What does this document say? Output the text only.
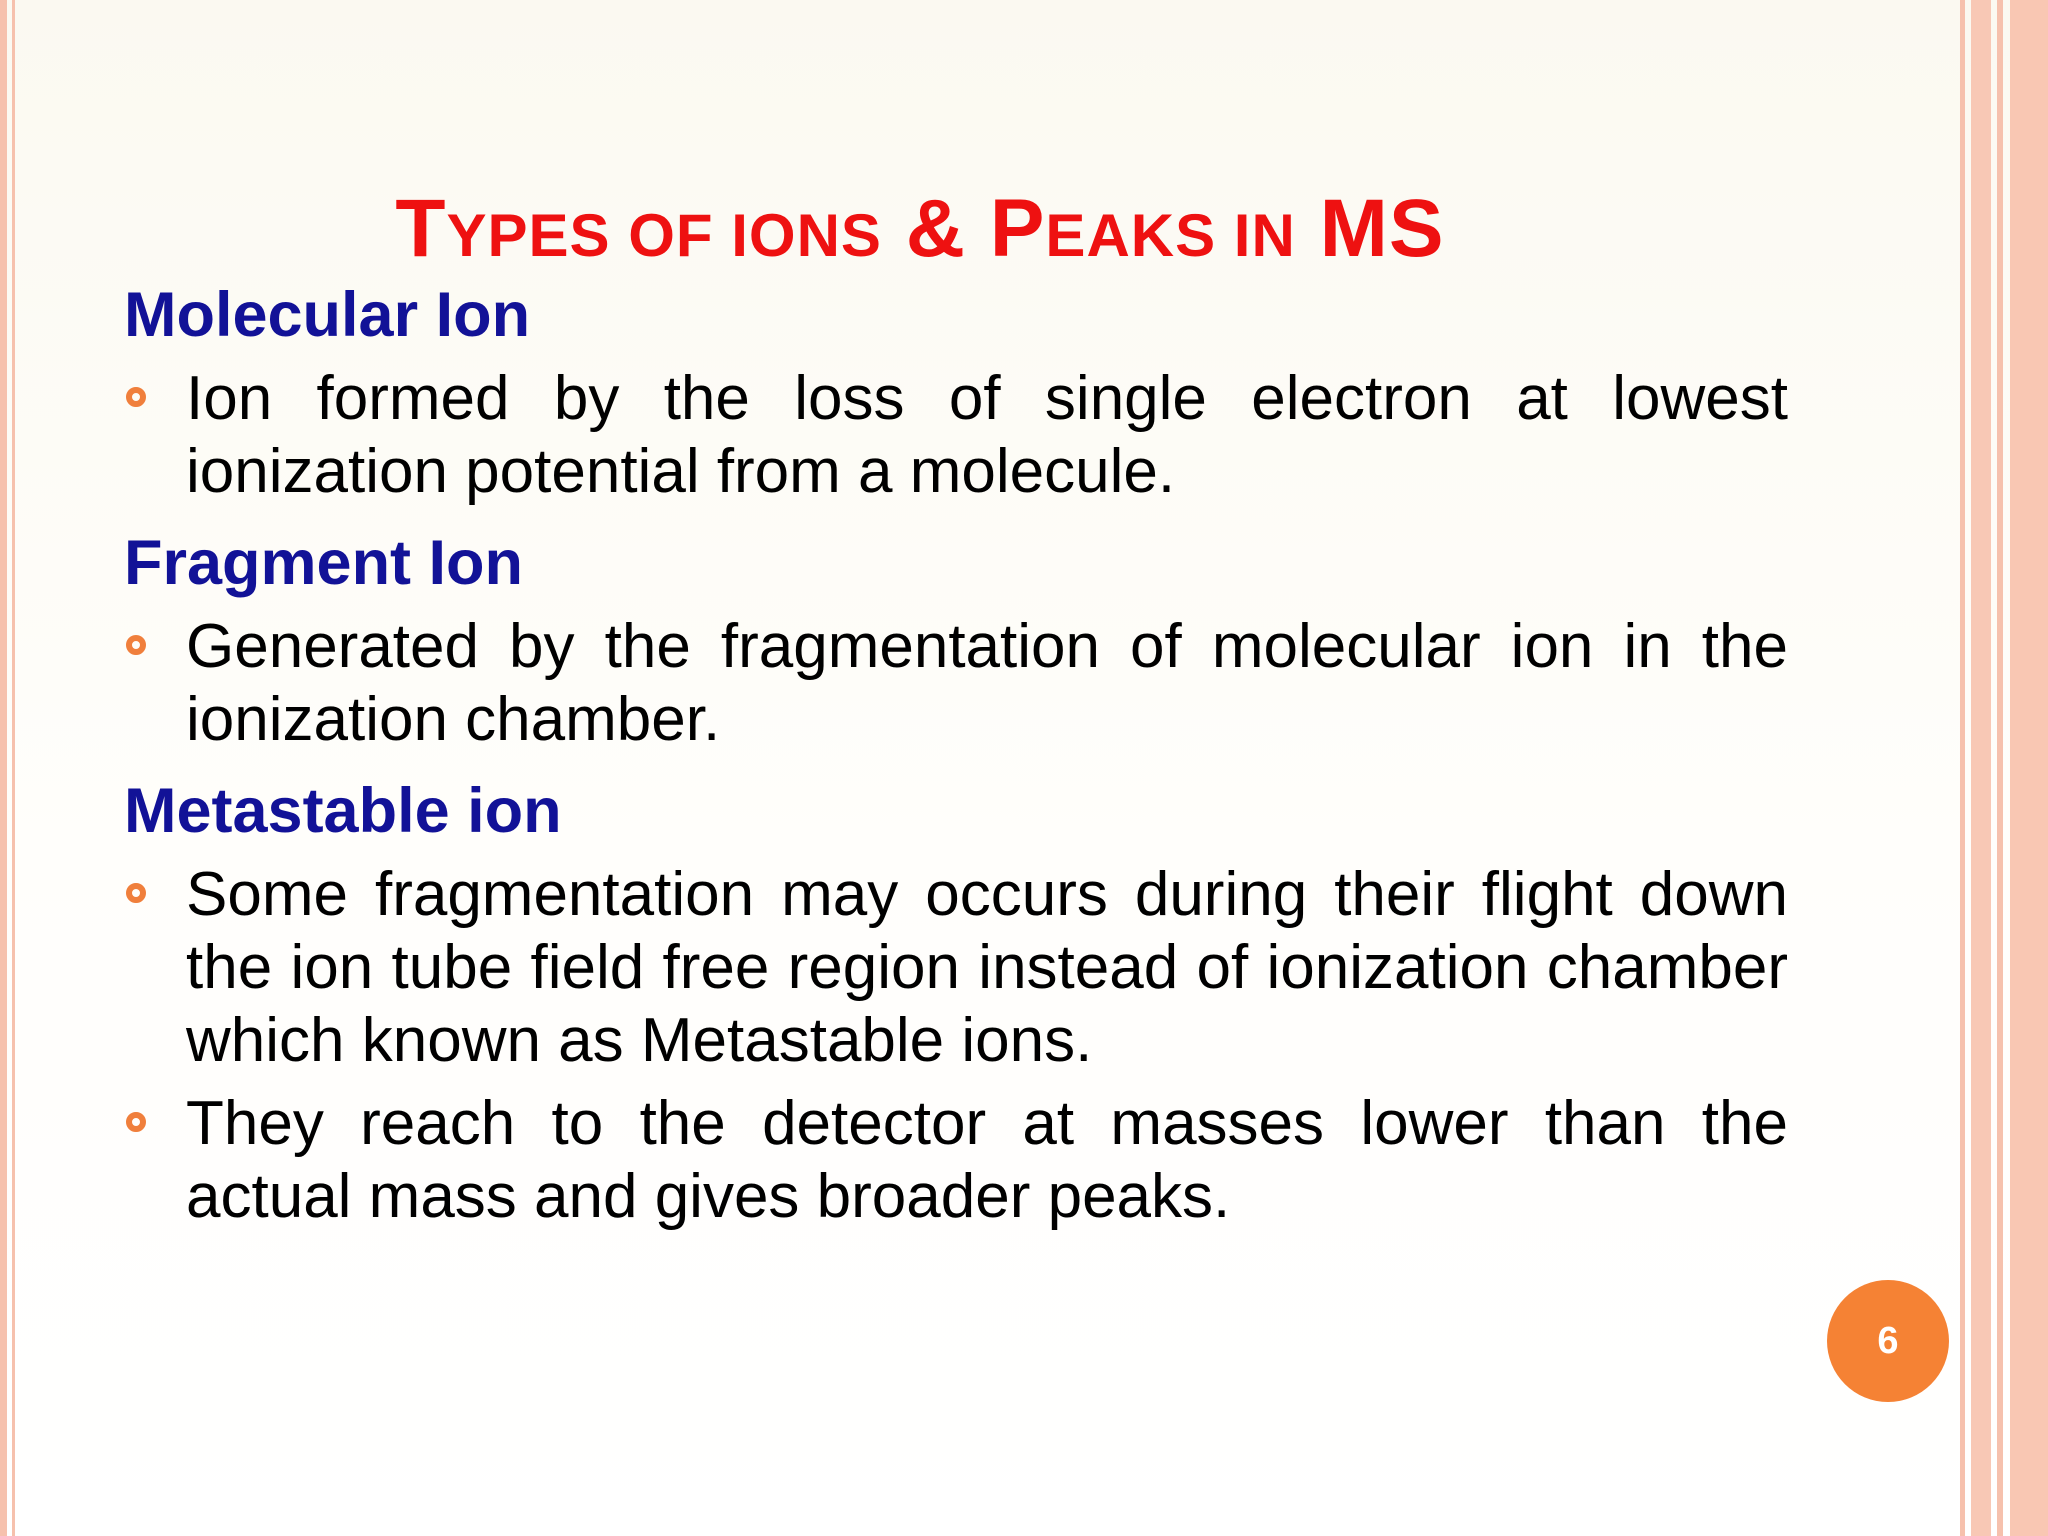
TYPES OF IONS & PEAKS IN MS
Molecular Ion
Ion formed by the loss of single electron at lowest ionization potential from a molecule.
Fragment Ion
Generated by the fragmentation of molecular ion in the ionization chamber.
Metastable ion
Some fragmentation may occurs during their flight down the ion tube field free region instead of ionization chamber which known as Metastable ions.
They reach to the detector at masses lower than the actual mass and gives broader peaks.
6
